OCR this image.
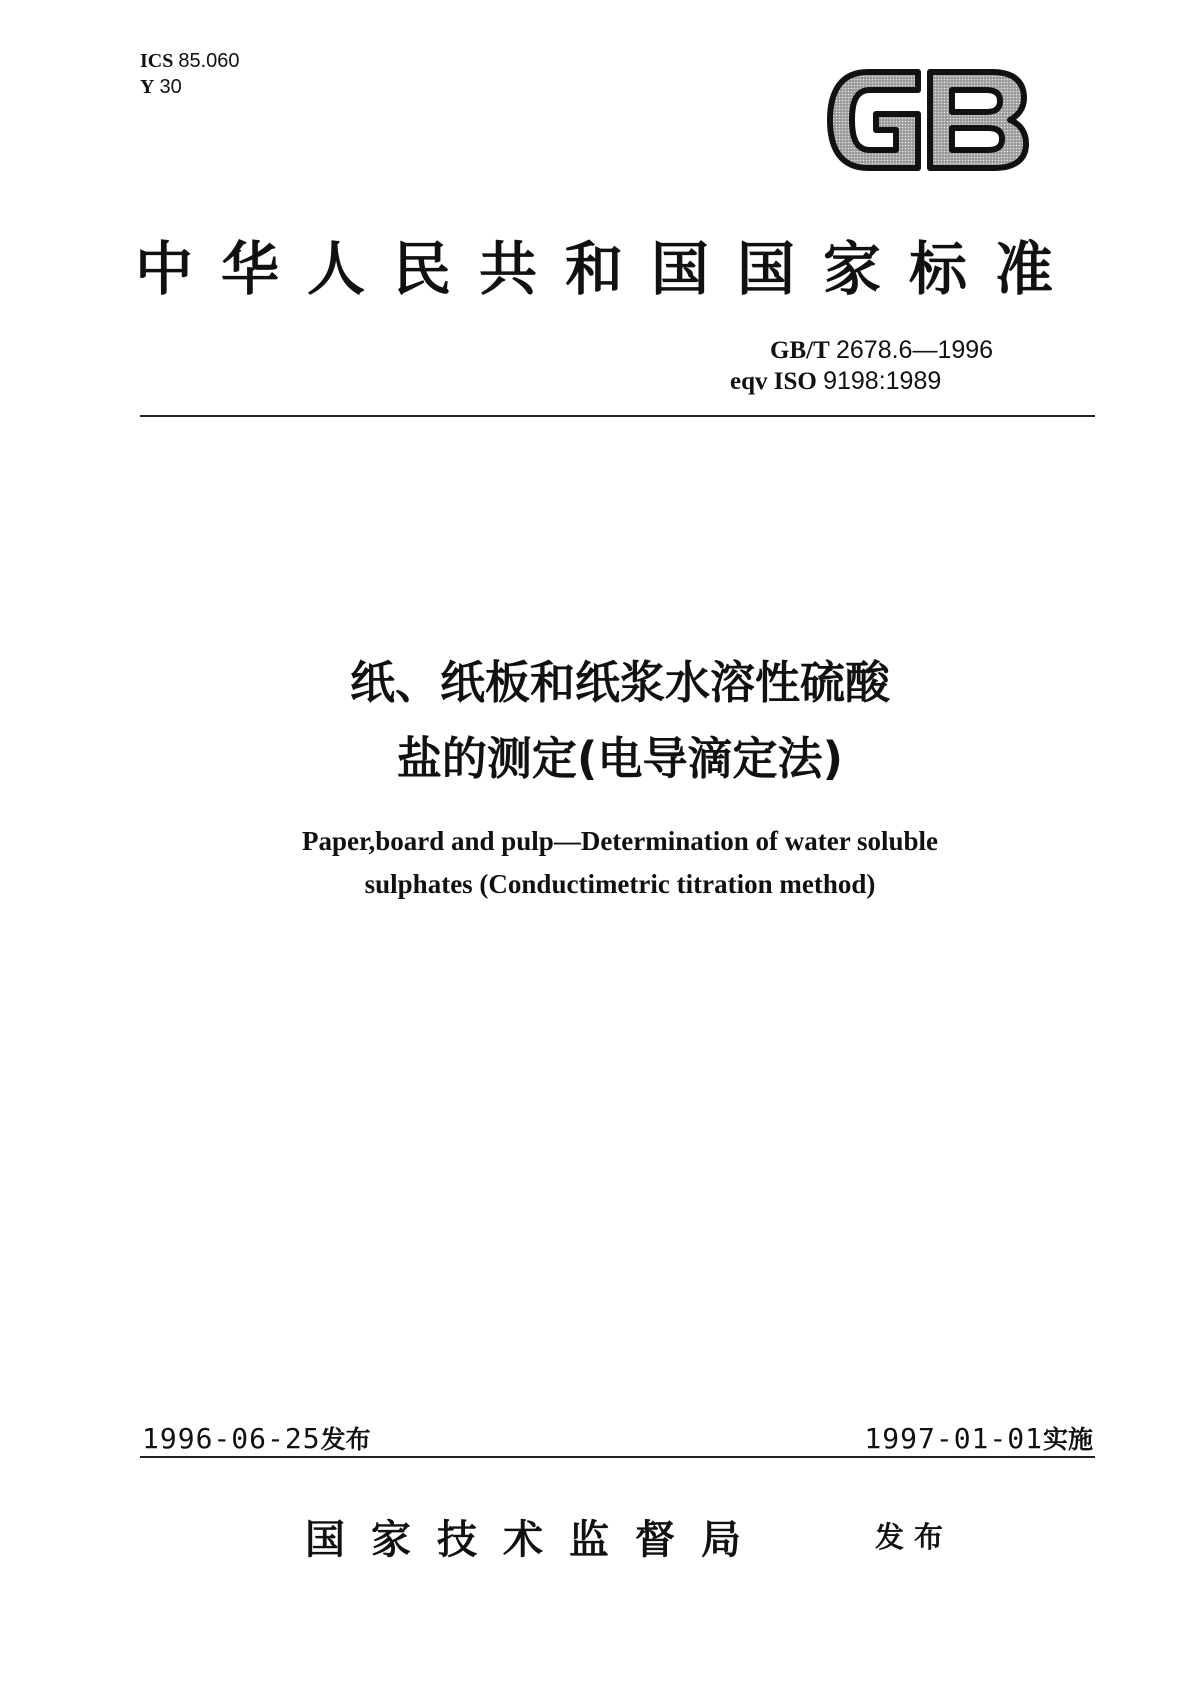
ICS 85.060
Y 30
中华人民共和国国家标准
GB/T 2678.6—1996
eqv ISO 9198:1989
纸、纸板和纸浆水溶性硫酸
盐的测定(电导滴定法)
Paper,board and pulp—Determination of water soluble
sulphates (Conductimetric titration method)
1996-06-25发布	1997-01-01实施
国家技术监督局	发布
